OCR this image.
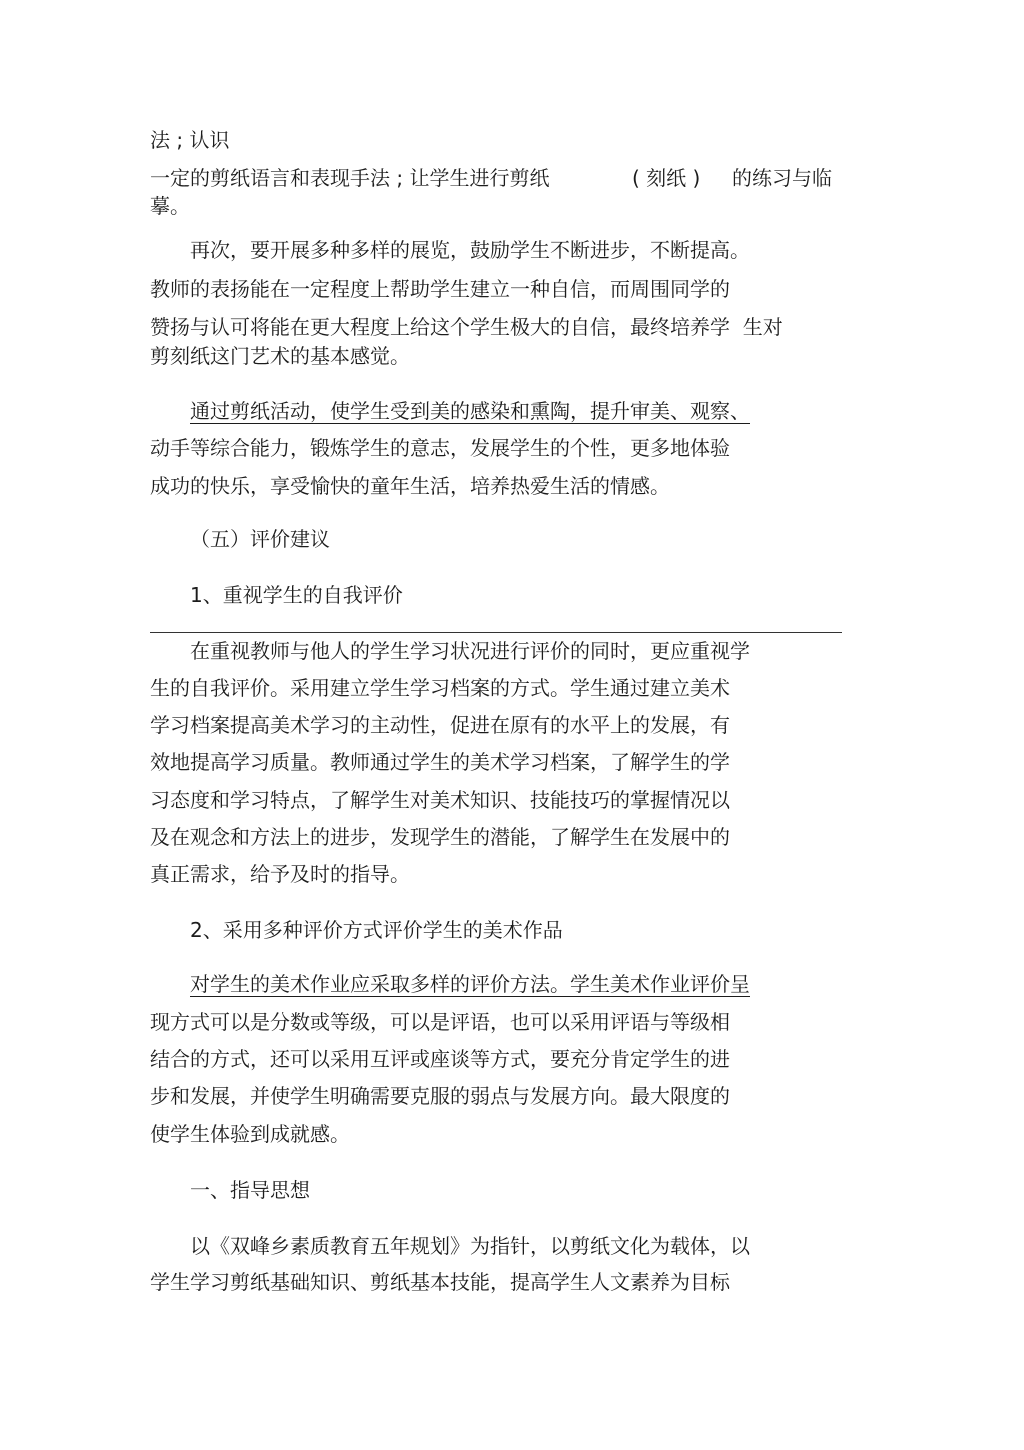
法 ; 认识
一定的剪纸语言和表现手法 ; 让学生进行剪纸	( 刻纸 ) 的练习与临
摹。
再次，要开展多种多样的展览，鼓励学生不断进步，不断提高。
教师的表扬能在一定程度上帮助学生建立一种自信，而周围同学的
赞扬与认可将能在更大程度上给这个学生极大的自信，最终培养学  生对
剪刻纸这门艺术的基本感觉。
通过剪纸活动，使学生受到美的感染和熏陶，提升审美、观察、
动手等综合能力，锻炼学生的意志，发展学生的个性，更多地体验
成功的快乐，享受愉快的童年生活，培养热爱生活的情感。
（五）评价建议
1、重视学生的自我评价
在重视教师与他人的学生学习状况进行评价的同时，更应重视学
生的自我评价。采用建立学生学习档案的方式。学生通过建立美术
学习档案提高美术学习的主动性，促进在原有的水平上的发展，有
效地提高学习质量。教师通过学生的美术学习档案，了解学生的学
习态度和学习特点，了解学生对美术知识、技能技巧的掌握情况以
及在观念和方法上的进步，发现学生的潜能，了解学生在发展中的
真正需求，给予及时的指导。
2、采用多种评价方式评价学生的美术作品
对学生的美术作业应采取多样的评价方法。学生美术作业评价呈
现方式可以是分数或等级，可以是评语，也可以采用评语与等级相
结合的方式，还可以采用互评或座谈等方式，要充分肯定学生的进
步和发展，并使学生明确需要克服的弱点与发展方向。最大限度的
使学生体验到成就感。
一、指导思想
以《双峰乡素质教育五年规划》为指针，以剪纸文化为载体，以
学生学习剪纸基础知识、剪纸基本技能，提高学生人文素养为目标
